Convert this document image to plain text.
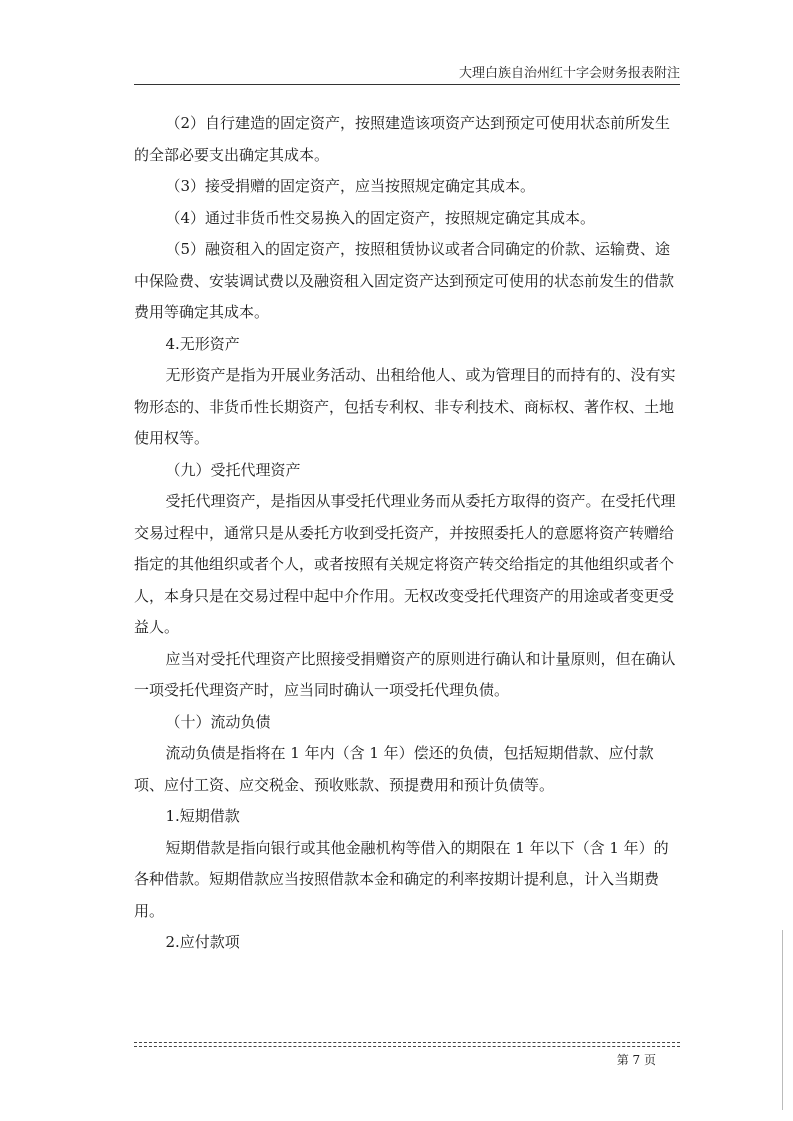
大理白族自治州红十字会财务报表附注

（2）自行建造的固定资产，按照建造该项资产达到预定可使用状态前所发生的全部必要支出确定其成本。

（3）接受捐赠的固定资产，应当按照规定确定其成本。

（4）通过非货币性交易换入的固定资产，按照规定确定其成本。

（5）融资租入的固定资产，按照租赁协议或者合同确定的价款、运输费、途中保险费、安装调试费以及融资租入固定资产达到预定可使用的状态前发生的借款费用等确定其成本。

4.无形资产

无形资产是指为开展业务活动、出租给他人、或为管理目的而持有的、没有实物形态的、非货币性长期资产，包括专利权、非专利技术、商标权、著作权、土地使用权等。

（九）受托代理资产

受托代理资产，是指因从事受托代理业务而从委托方取得的资产。在受托代理交易过程中，通常只是从委托方收到受托资产，并按照委托人的意愿将资产转赠给指定的其他组织或者个人，或者按照有关规定将资产转交给指定的其他组织或者个人，本身只是在交易过程中起中介作用。无权改变受托代理资产的用途或者变更受益人。

应当对受托代理资产比照接受捐赠资产的原则进行确认和计量原则，但在确认一项受托代理资产时，应当同时确认一项受托代理负债。

（十）流动负债

流动负债是指将在 1 年内（含 1 年）偿还的负债，包括短期借款、应付款项、应付工资、应交税金、预收账款、预提费用和预计负债等。

1.短期借款

短期借款是指向银行或其他金融机构等借入的期限在 1 年以下（含 1 年）的各种借款。短期借款应当按照借款本金和确定的利率按期计提利息，计入当期费用。

2.应付款项

第 7 页
